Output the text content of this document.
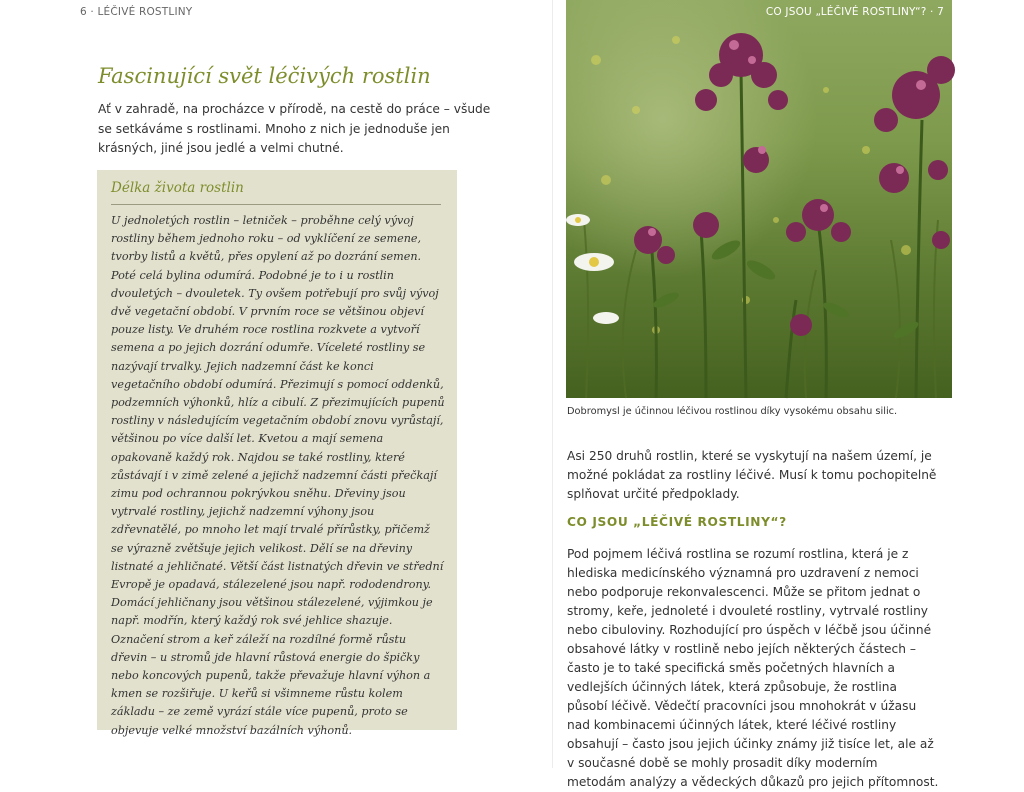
6 · LÉČIVÉ ROSTLINY
Fascinující svět léčivých rostlin

Ať v zahradě, na procházce v přírodě, na cestě do práce – všude se setkáváme s rostlinami. Mnoho z nich je jednoduše jen krásných, jiné jsou jedlé a velmi chutné.

Délka života rostlin

U jednoletých rostlin – letniček – proběhne celý vývoj rostliny během jednoho roku – od vyklíčení ze semene, tvorby listů a květů, přes opylení až po dozrání semen. Poté celá bylina odumírá. Podobné je to i u rostlin dvouletých – dvouletek. Ty ovšem potřebují pro svůj vývoj dvě vegetační období. V prvním roce se většinou objeví pouze listy. Ve druhém roce rostlina rozkvete a vytvoří semena a po jejich dozrání odumře. Víceleté rostliny se nazývají trvalky. Jejich nadzemní část ke konci vegetačního období odumírá. Přezimují s pomocí oddenků, podzemních výhonků, hlíz a cibulí. Z přezimujících pupenů rostliny v následujícím vegetačním období znovu vyrůstají, většinou po více další let. Kvetou a mají semena opakovaně každý rok. Najdou se také rostliny, které zůstávají i v zimě zelené a jejichž nadzemní části přečkají zimu pod ochrannou pokrývkou sněhu. Dřeviny jsou vytrvalé rostliny, jejichž nadzemní výhony jsou zdřevnatělé, po mnoho let mají trvalé přírůstky, přičemž se výrazně zvětšuje jejich velikost. Dělí se na dřeviny listnaté a jehličnaté. Větší část listnatých dřevin ve střední Evropě je opadavá, stálezelené jsou např. rododendrony. Domácí jehličnany jsou většinou stálezelené, výjimkou je např. modřín, který každý rok své jehlice shazuje. Označení strom a keř záleží na rozdílné formě růstu dřevin – u stromů jde hlavní růstová energie do špičky nebo koncových pupenů, takže převažuje hlavní výhon a kmen se rozšiřuje. U keřů si všimneme růstu kolem základu – ze země vyrází stále více pupenů, proto se objevuje velké množství bazálních výhonů.

CO JSOU „LÉČIVÉ ROSTLINY“? · 7

Dobromysl je účinnou léčivou rostlinou díky vysokému obsahu silic.

Asi 250 druhů rostlin, které se vyskytují na našem území, je možné pokládat za rostliny léčivé. Musí k tomu pochopitelně splňovat určité předpoklady.

CO JSOU „LÉČIVÉ ROSTLINY“?

Pod pojmem léčivá rostlina se rozumí rostlina, která je z hlediska medicínského významná pro uzdravení z nemoci nebo podporuje rekonvalescenci. Může se přitom jednat o stromy, keře, jednoleté i dvouleté rostliny, vytrvalé rostliny nebo cibuloviny. Rozhodující pro úspěch v léčbě jsou účinné obsahové látky v rostlině nebo jejích některých částech – často je to také specifická směs početných hlavních a vedlejších účinných látek, která způsobuje, že rostlina působí léčivě. Vědečtí pracovníci jsou mnohokrát v úžasu nad kombinacemi účinných látek, které léčivé rostliny obsahují – často jsou jejich účinky známy již tisíce let, ale až v současné době se mohly prosadit díky moderním metodám analýzy a vědeckých důkazů pro jejich přítomnost.
